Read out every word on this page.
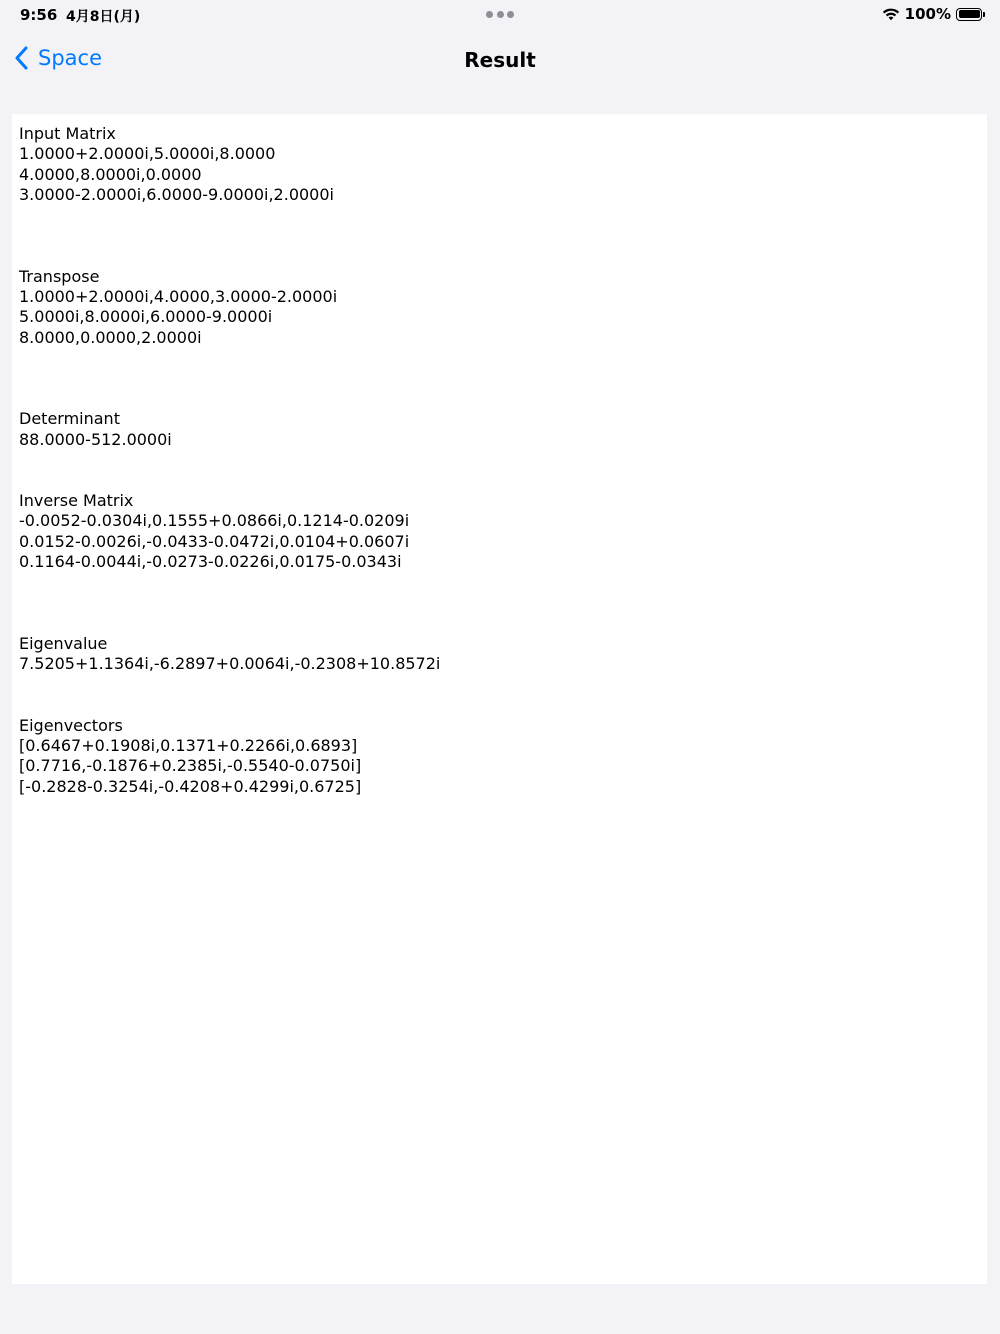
9:56 4月8日(月)	100%
Space	Result
Input Matrix
1.0000+2.0000i,5.0000i,8.0000
4.0000,8.0000i,0.0000
3.0000-2.0000i,6.0000-9.0000i,2.0000i
Transpose
1.0000+2.0000i,4.0000,3.0000-2.0000i
5.0000i,8.0000i,6.0000-9.0000i
8.0000,0.0000,2.0000i
Determinant
88.0000-512.0000i
Inverse Matrix
-0.0052-0.0304i,0.1555+0.0866i,0.1214-0.0209i
0.0152-0.0026i,-0.0433-0.0472i,0.0104+0.0607i
0.1164-0.0044i,-0.0273-0.0226i,0.0175-0.0343i
Eigenvalue
7.5205+1.1364i,-6.2897+0.0064i,-0.2308+10.8572i
Eigenvectors
[0.6467+0.1908i,0.1371+0.2266i,0.6893]
[0.7716,-0.1876+0.2385i,-0.5540-0.0750i]
[-0.2828-0.3254i,-0.4208+0.4299i,0.6725]
